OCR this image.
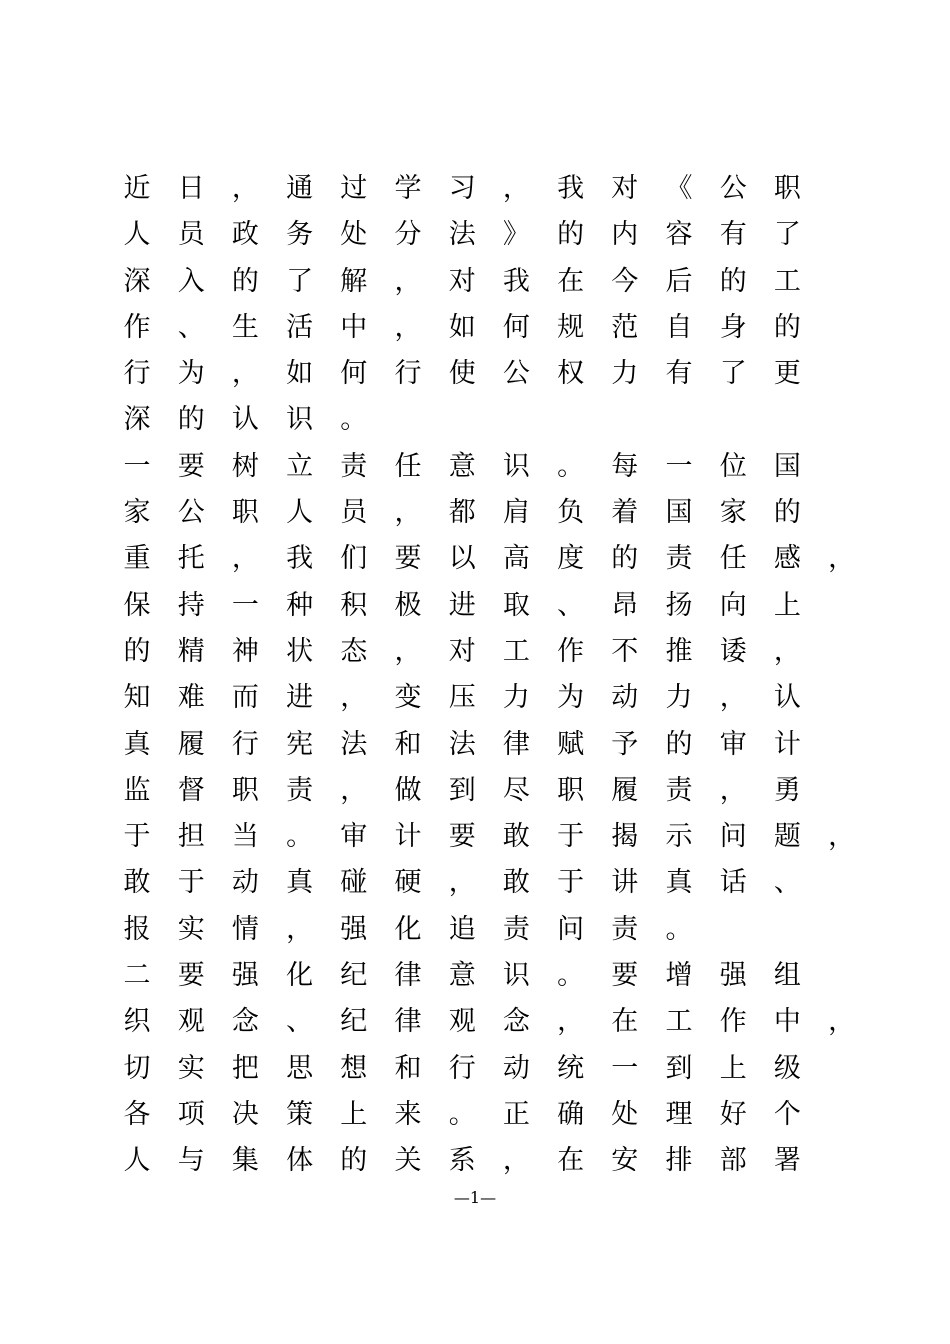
近 日 ， 通 过 学 习 ， 我 对 《 公 职
人 员 政 务 处 分 法 》 的 内 容 有 了
深 入 的 了 解 ， 对 我 在 今 后 的 工
作 、 生 活 中 ， 如 何 规 范 自 身 的
行 为 ， 如 何 行 使 公 权 力 有 了 更
深 的 认 识 。
一 要 树 立 责 任 意 识 。 每 一 位 国
家 公 职 人 员 ， 都 肩 负 着 国 家 的
重 托 ， 我 们 要 以 高 度 的 责 任 感 ，
保 持 一 种 积 极 进 取 、 昂 扬 向 上
的 精 神 状 态 ， 对 工 作 不 推 诿 ，
知 难 而 进 ， 变 压 力 为 动 力 ， 认
真 履 行 宪 法 和 法 律 赋 予 的 审 计
监 督 职 责 ， 做 到 尽 职 履 责 ， 勇
于 担 当 。 审 计 要 敢 于 揭 示 问 题 ，
敢 于 动 真 碰 硬 ， 敢 于 讲 真 话 、
报 实 情 ， 强 化 追 责 问 责 。
二 要 强 化 纪 律 意 识 。 要 增 强 组
织 观 念 、 纪 律 观 念 ， 在 工 作 中 ，
切 实 把 思 想 和 行 动 统 一 到 上 级
各 项 决 策 上 来 。 正 确 处 理 好 个
人 与 集 体 的 关 系 ， 在 安 排 部 署
—1—
